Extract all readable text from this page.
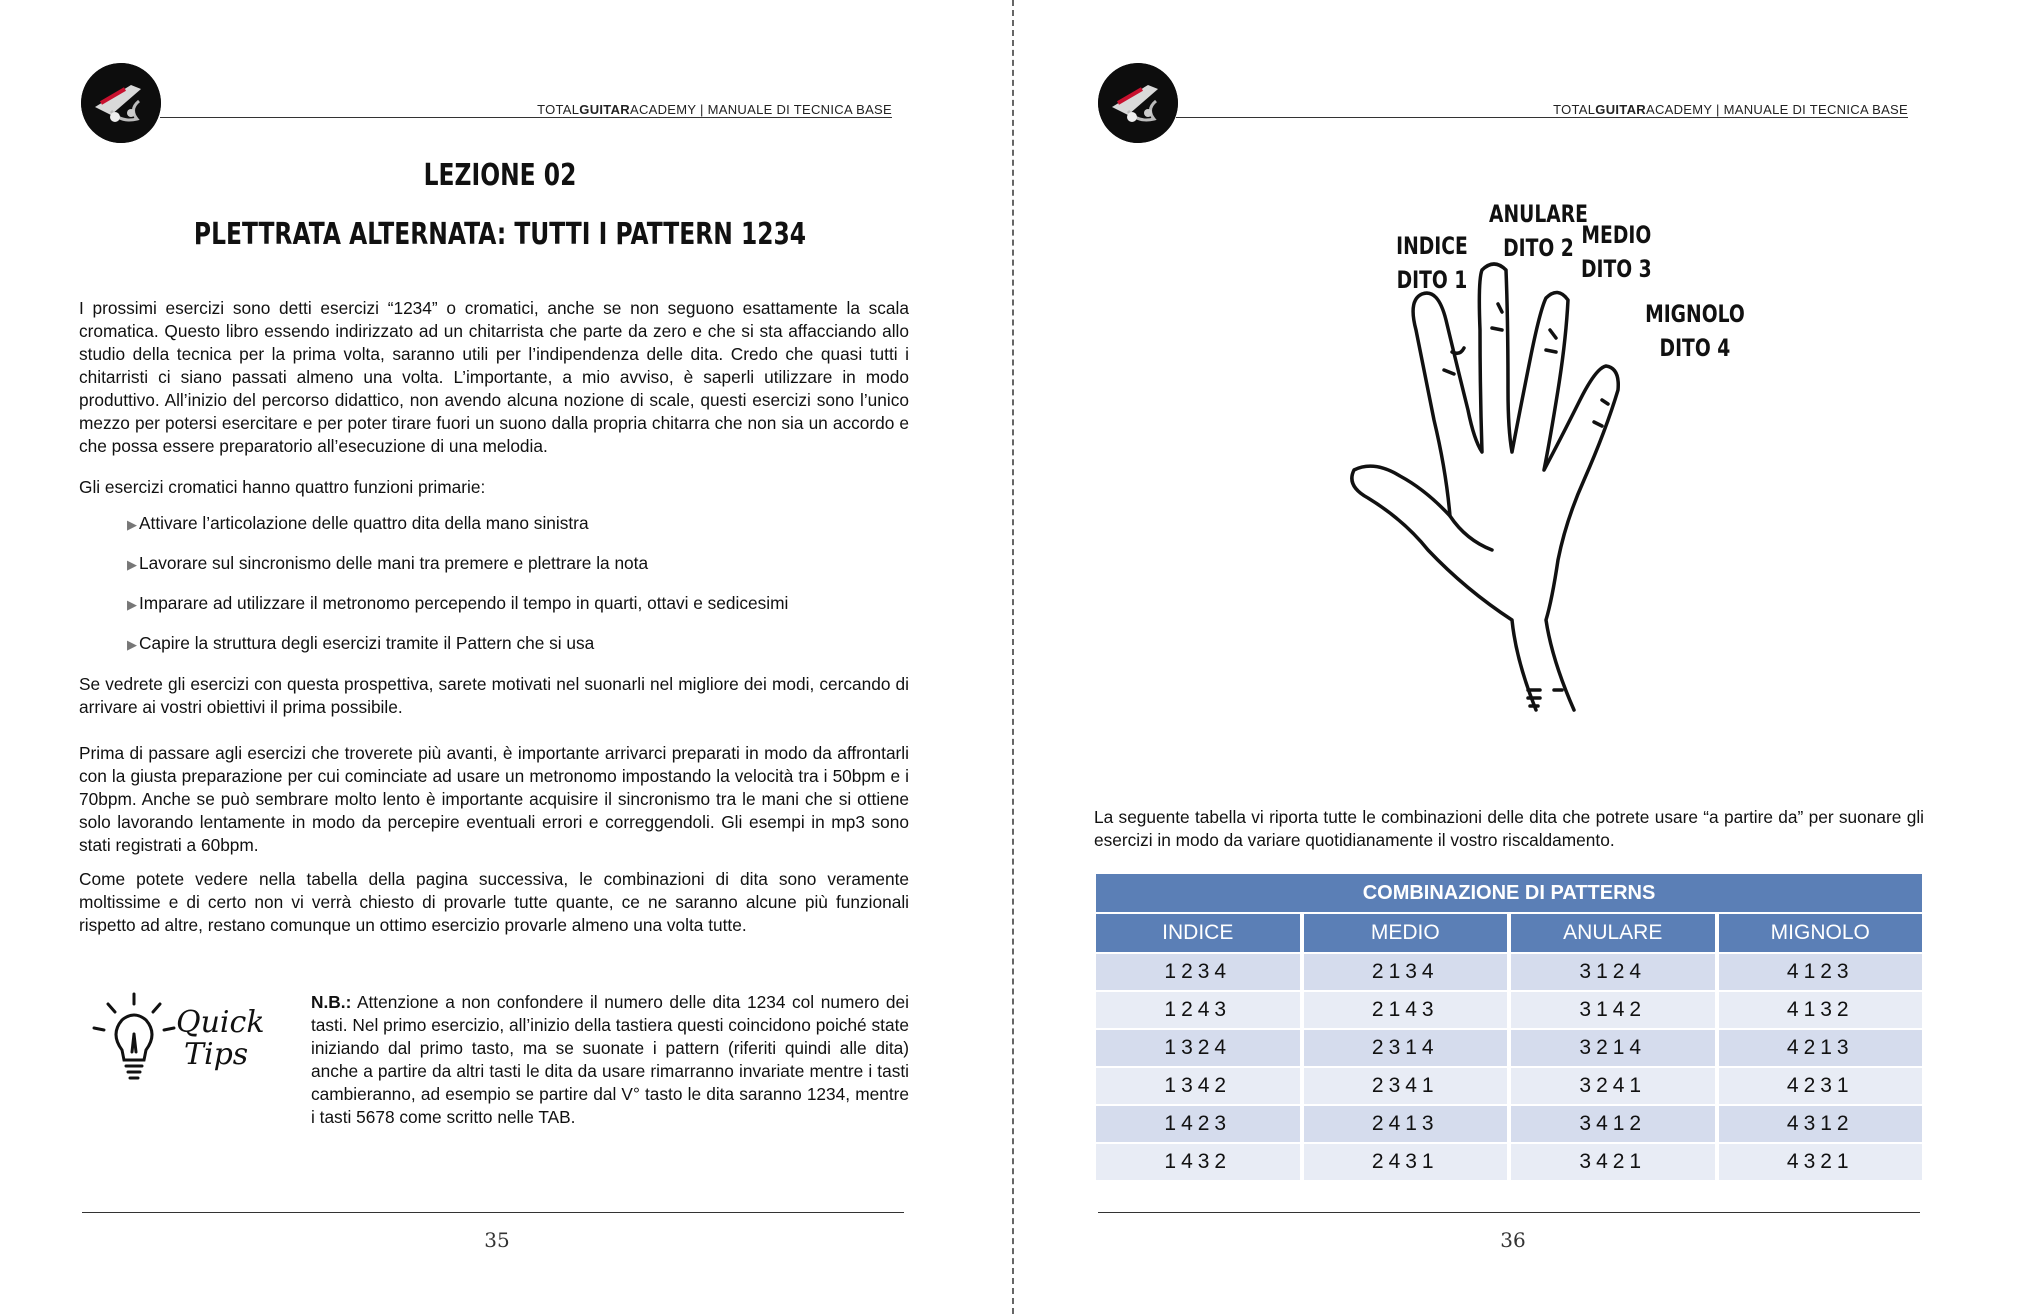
TOTALGUITARACADEMY | MANUALE DI TECNICA BASE
LEZIONE 02
PLETTRATA ALTERNATA: TUTTI I PATTERN 1234
I prossimi esercizi sono detti esercizi “1234” o cromatici, anche se non seguono esattamente la scala cromatica. Questo libro essendo indirizzato ad un chitarrista che parte da zero e che si sta affacciando allo studio della tecnica per la prima volta, saranno utili per l’indipendenza delle dita. Credo che quasi tutti i chitarristi ci siano passati almeno una volta. L’importante, a mio avviso, è saperli utilizzare in modo produttivo. All’inizio del percorso didattico, non avendo alcuna nozione di scale, questi esercizi sono l’unico mezzo per potersi esercitare e per poter tirare fuori un suono dalla propria chitarra che non sia un accordo e che possa essere preparatorio all’esecuzione di una melodia.
Gli esercizi cromatici hanno quattro funzioni primarie:
▶ Attivare l’articolazione delle quattro dita della mano sinistra
▶ Lavorare sul sincronismo delle mani tra premere e plettrare la nota
▶ Imparare ad utilizzare il metronomo percependo il tempo in quarti, ottavi e sedicesimi
▶ Capire la struttura degli esercizi tramite il Pattern che si usa
Se vedrete gli esercizi con questa prospettiva, sarete motivati nel suonarli nel migliore dei modi, cercando di arrivare ai vostri obiettivi il prima possibile.
Prima di passare agli esercizi che troverete più avanti, è importante arrivarci preparati in modo da affrontarli con la giusta preparazione per cui cominciate ad usare un metronomo impostando la velocità tra i 50bpm e i 70bpm. Anche se può sembrare molto lento è importante acquisire il sincronismo tra le mani che si ottiene solo lavorando lentamente in modo da percepire eventuali errori e correggendoli. Gli esempi in mp3 sono stati registrati a 60bpm.
Come potete vedere nella tabella della pagina successiva, le combinazioni di dita sono veramente moltissime e di certo non vi verrà chiesto di provarle tutte quante, ce ne saranno alcune più funzionali rispetto ad altre, restano comunque un ottimo esercizio provarle almeno una volta tutte.
Quick
Tips
N.B.: Attenzione a non confondere il numero delle dita 1234 col numero dei tasti. Nel primo esercizio, all’inizio della tastiera questi coincidono poiché state iniziando dal primo tasto, ma se suonate i pattern (riferiti quindi alle dita) anche a partire da altri tasti le dita da usare rimarranno invariate mentre i tasti cambieranno, ad esempio se partire dal V° tasto le dita saranno 1234, mentre i tasti 5678 come scritto nelle TAB.
35
TOTALGUITARACADEMY | MANUALE DI TECNICA BASE
INDICE
DITO 1
ANULARE
DITO 2 MEDIO
DITO 3
MIGNOLO
DITO 4
La seguente tabella vi riporta tutte le combinazioni delle dita che potrete usare “a partire da” per suonare gli esercizi in modo da variare quotidianamente il vostro riscaldamento.
COMBINAZIONE DI PATTERNS
INDICE	MEDIO	ANULARE	MIGNOLO
1234	2134	3124	4123
1243	2143	3142	4132
1324	2314	3214	4213
1342	2341	3241	4231
1423	2413	3412	4312
1432	2431	3421	4321
36
